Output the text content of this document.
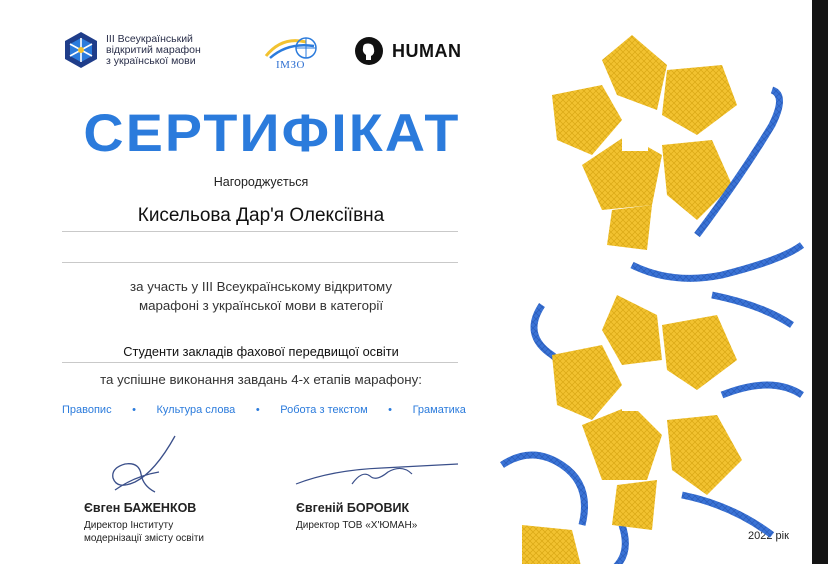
ІІІ Всеукраїнський
відкритий марафон
з української мови	ІМЗО
HUMAN
СЕРТИФІКАТ
Нагороджується
Кисельова Дар'я Олексіївна
за участь у ІІІ Всеукраїнському відкритому
марафоні з української мови в категорії
Студенти закладів фахової передвищої освіти
та успішне виконання завдань 4-х етапів марафону:
Правопис • Культура слова • Робота з текстом • Граматика
Євген БАЖЕНКОВ
Директор Інституту
модернізації змісту освіти
Євгеній БОРОВИК
Директор ТОВ «Х'ЮМАН»
2022 рік
